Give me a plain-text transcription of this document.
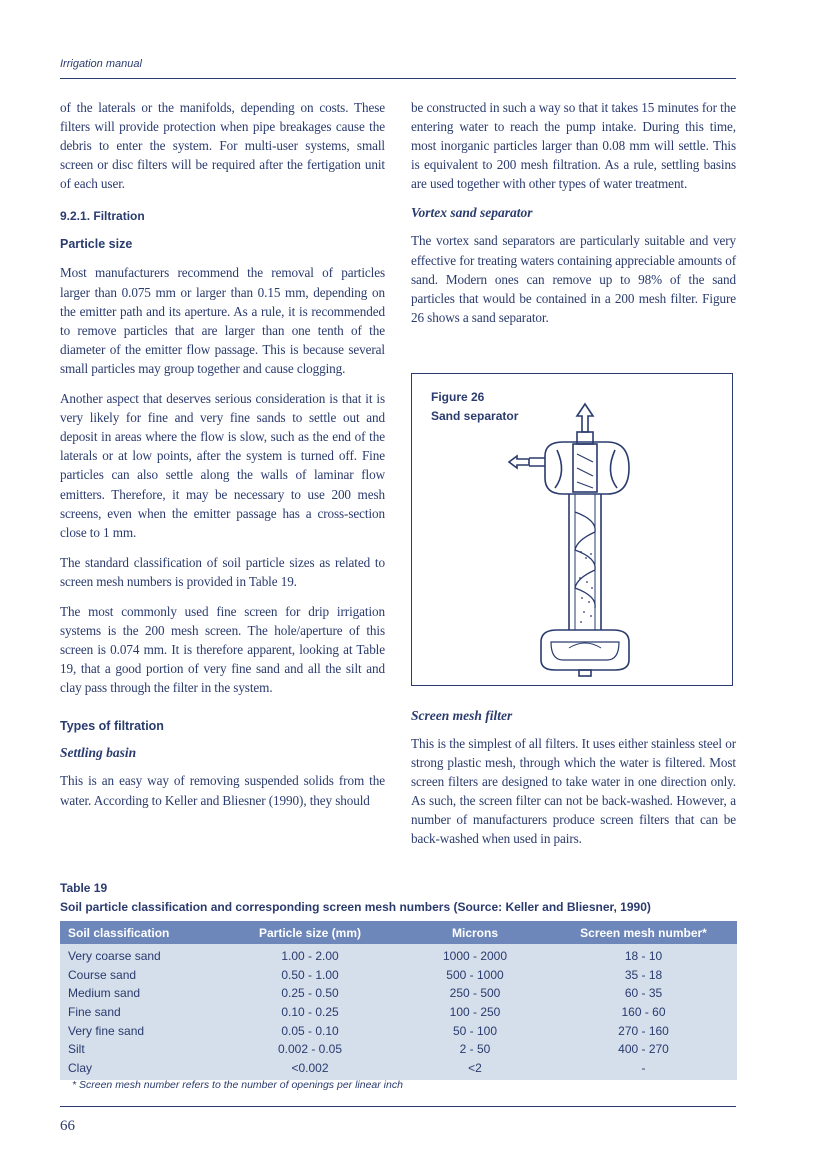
Irrigation manual

of the laterals or the manifolds, depending on costs. These filters will provide protection when pipe breakages cause the debris to enter the system. For multi-user systems, small screen or disc filters will be required after the fertigation unit of each user.

9.2.1. Filtration
Particle size

Most manufacturers recommend the removal of particles larger than 0.075 mm or larger than 0.15 mm, depending on the emitter path and its aperture. As a rule, it is recommended to remove particles that are larger than one tenth of the diameter of the emitter flow passage. This is because several small particles may group together and cause clogging.

Another aspect that deserves serious consideration is that it is very likely for fine and very fine sands to settle out and deposit in areas where the flow is slow, such as the end of the laterals or at low points, after the system is turned off. Fine particles can also settle along the walls of laminar flow emitters. Therefore, it may be necessary to use 200 mesh screens, even when the emitter passage has a cross-section close to 1 mm.

The standard classification of soil particle sizes as related to screen mesh numbers is provided in Table 19.

The most commonly used fine screen for drip irrigation systems is the 200 mesh screen. The hole/aperture of this screen is 0.074 mm. It is therefore apparent, looking at Table 19, that a good portion of very fine sand and all the silt and clay pass through the filter in the system.

Types of filtration
Settling basin

This is an easy way of removing suspended solids from the water. According to Keller and Bliesner (1990), they should

be constructed in such a way so that it takes 15 minutes for the entering water to reach the pump intake. During this time, most inorganic particles larger than 0.08 mm will settle. This is equivalent to 200 mesh filtration. As a rule, settling basins are used together with other types of water treatment.

Vortex sand separator

The vortex sand separators are particularly suitable and very effective for treating waters containing appreciable amounts of sand. Modern ones can remove up to 98% of the sand particles that would be contained in a 200 mesh filter. Figure 26 shows a sand separator.

Figure 26
Sand separator
Screen mesh filter

This is the simplest of all filters. It uses either stainless steel or strong plastic mesh, through which the water is filtered. Most screen filters are designed to take water in one direction only. As such, the screen filter can not be back-washed. However, a number of manufacturers produce screen filters that can be back-washed when used in pairs.

Table 19
Soil particle classification and corresponding screen mesh numbers (Source: Keller and Bliesner, 1990)
Soil classification	Particle size (mm)	Microns	Screen mesh number*

Very coarse sand	1.00 - 2.00	1000 - 2000	18 - 10
Course sand	0.50 - 1.00	500 - 1000	35 - 18
Medium sand	0.25 - 0.50	250 - 500	60 - 35
Fine sand	0.10 - 0.25	100 - 250	160 - 60
Very fine sand	0.05 - 0.10	50 - 100	270 - 160
Silt	0.002 - 0.05	2 - 50	400 - 270
Clay	<0.002	<2	-

* Screen mesh number refers to the number of openings per linear inch
66
